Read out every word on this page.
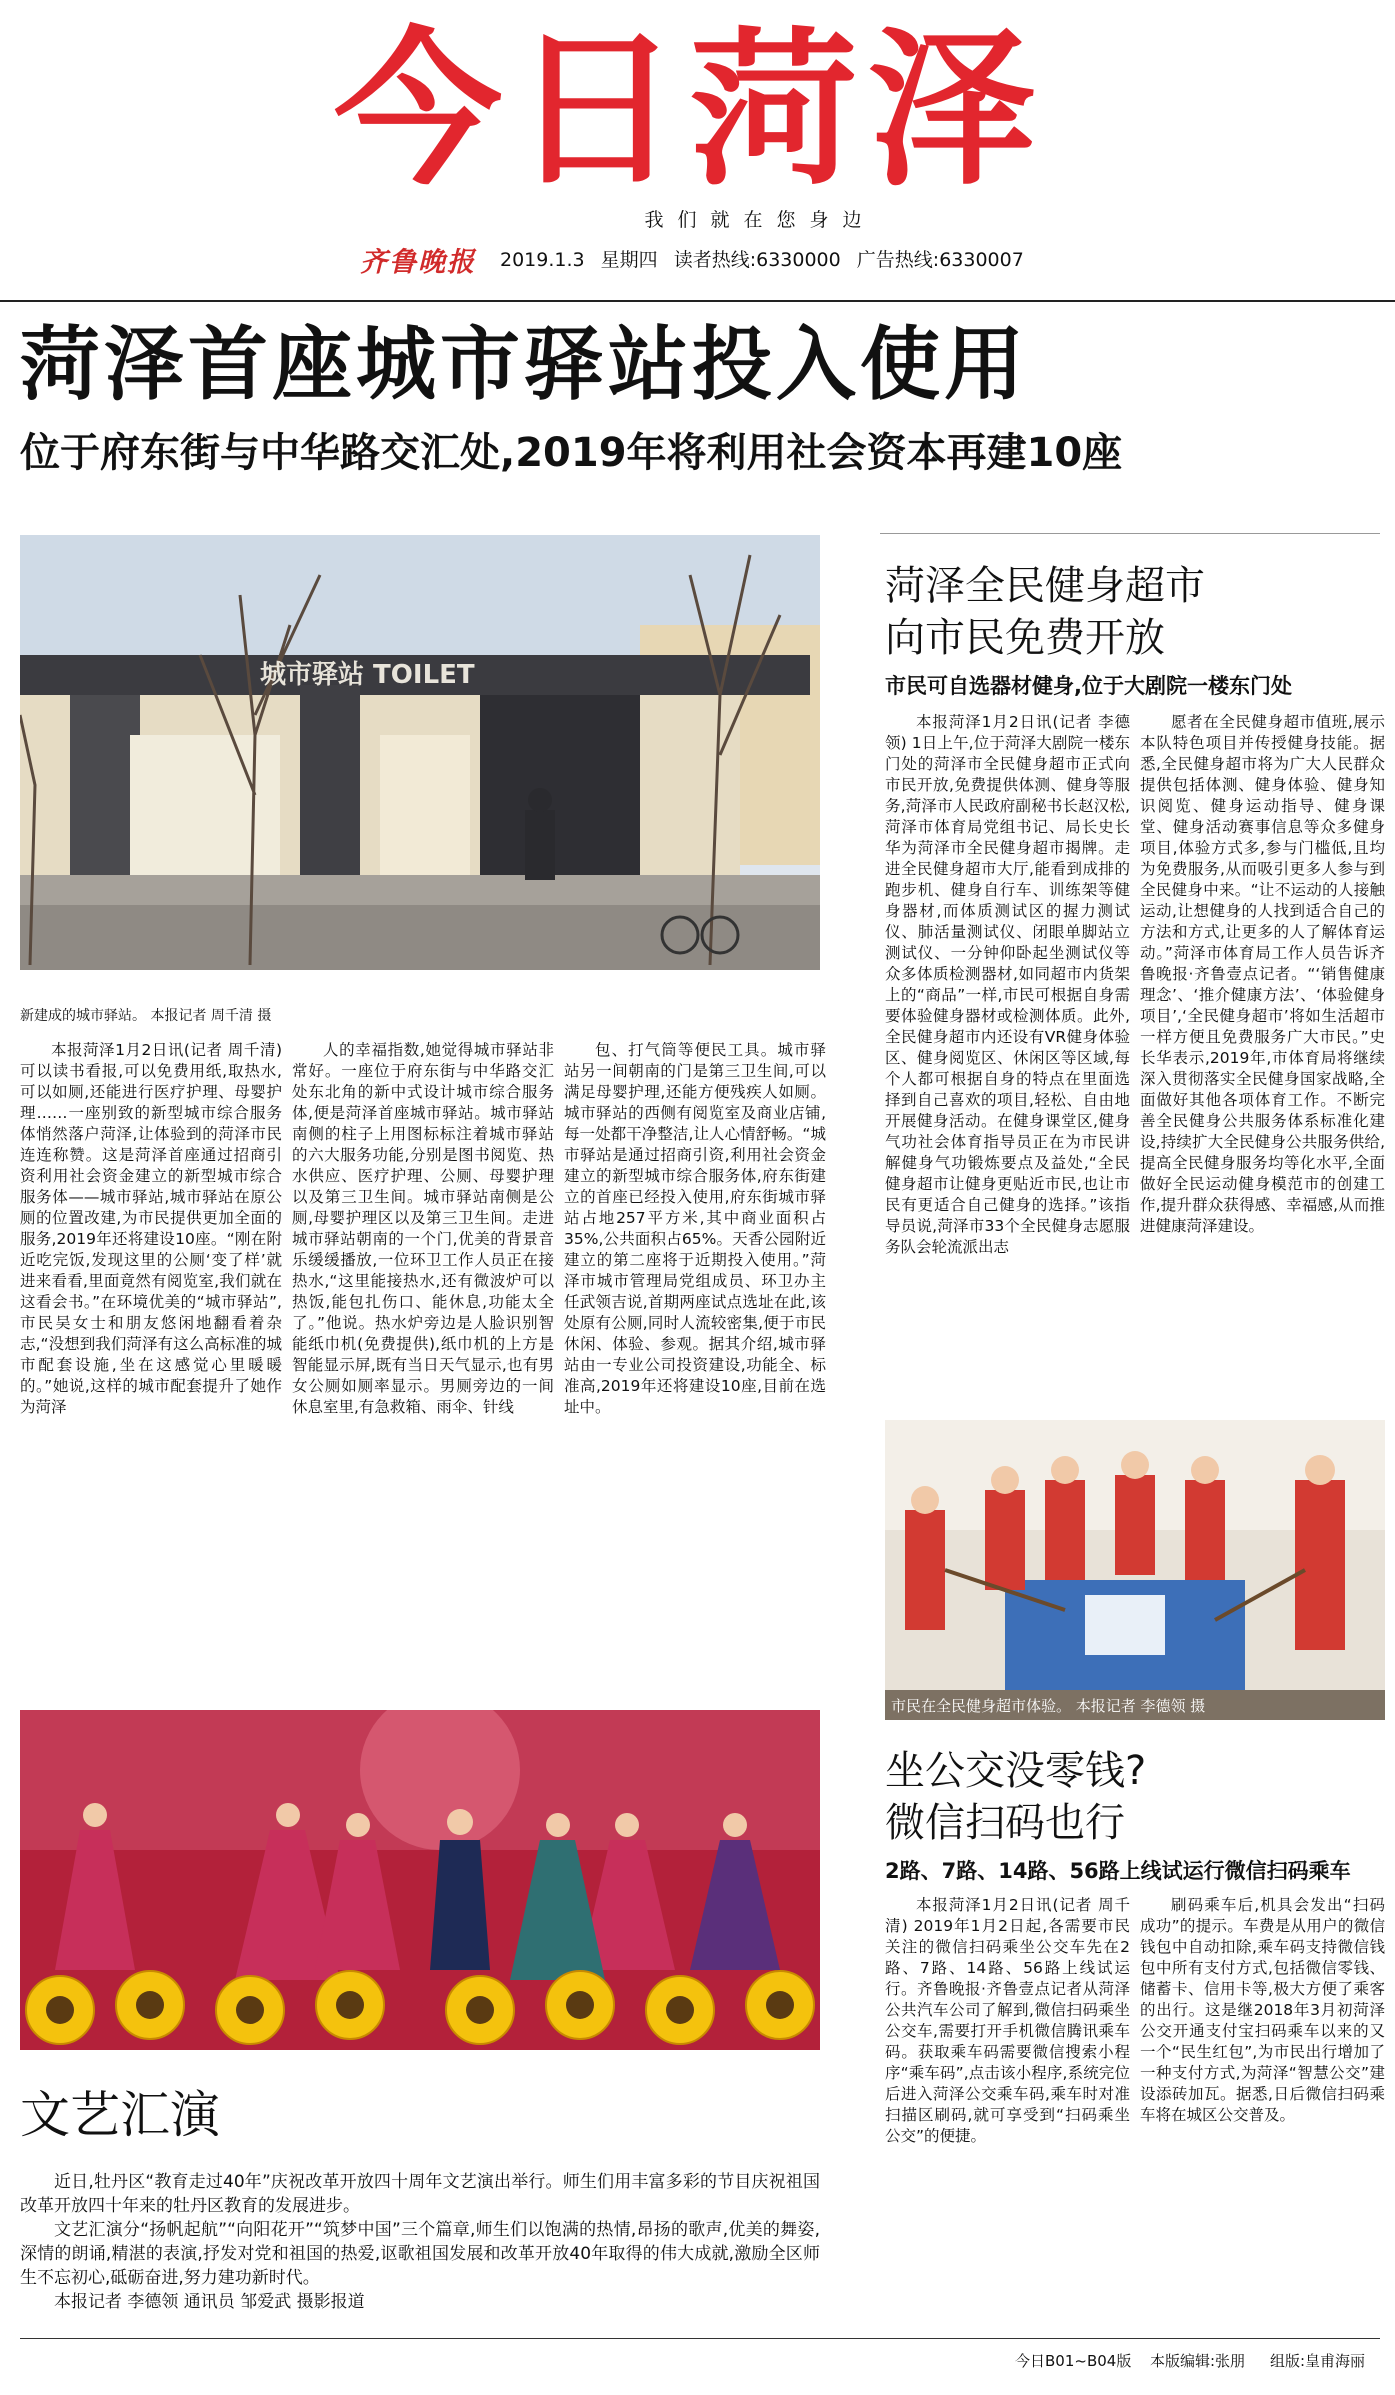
今日菏泽
我们就在您身边
齐鲁晚报 2019.1.3 星期四 读者热线:6330000 广告热线:6330007
菏泽首座城市驿站投入使用
位于府东街与中华路交汇处,2019年将利用社会资本再建10座
城市驿站 TOILET
新建成的城市驿站。 本报记者 周千清 摄
本报菏泽1月2日讯(记者 周千清) 可以读书看报,可以免费用纸,取热水,可以如厕,还能进行医疗护理、母婴护理……一座别致的新型城市综合服务体悄然落户菏泽,让体验到的菏泽市民连连称赞。这是菏泽首座通过招商引资利用社会资金建立的新型城市综合服务体——城市驿站,城市驿站在原公厕的位置改建,为市民提供更加全面的服务,2019年还将建设10座。“刚在附近吃完饭,发现这里的公厕‘变了样’就进来看看,里面竟然有阅览室,我们就在这看会书。”在环境优美的“城市驿站”,市民吴女士和朋友悠闲地翻看着杂志,“没想到我们菏泽有这么高标准的城市配套设施,坐在这感觉心里暖暖的。”她说,这样的城市配套提升了她作为菏泽
人的幸福指数,她觉得城市驿站非常好。一座位于府东街与中华路交汇处东北角的新中式设计城市综合服务体,便是菏泽首座城市驿站。城市驿站南侧的柱子上用图标标注着城市驿站的六大服务功能,分别是图书阅览、热水供应、医疗护理、公厕、母婴护理以及第三卫生间。城市驿站南侧是公厕,母婴护理区以及第三卫生间。走进城市驿站朝南的一个门,优美的背景音乐缓缓播放,一位环卫工作人员正在接热水,“这里能接热水,还有微波炉可以热饭,能包扎伤口、能休息,功能太全了。”他说。热水炉旁边是人脸识别智能纸巾机(免费提供),纸巾机的上方是智能显示屏,既有当日天气显示,也有男女公厕如厕率显示。男厕旁边的一间休息室里,有急救箱、雨伞、针线
包、打气筒等便民工具。城市驿站另一间朝南的门是第三卫生间,可以满足母婴护理,还能方便残疾人如厕。城市驿站的西侧有阅览室及商业店铺,每一处都干净整洁,让人心情舒畅。“城市驿站是通过招商引资,利用社会资金建立的新型城市综合服务体,府东街建立的首座已经投入使用,府东街城市驿站占地257平方米,其中商业面积占35%,公共面积占65%。天香公园附近建立的第二座将于近期投入使用。”菏泽市城市管理局党组成员、环卫办主任武领吉说,首期两座试点选址在此,该处原有公厕,同时人流较密集,便于市民休闲、体验、参观。据其介绍,城市驿站由一专业公司投资建设,功能全、标准高,2019年还将建设10座,目前在选址中。
菏泽全民健身超市
向市民免费开放
市民可自选器材健身,位于大剧院一楼东门处
本报菏泽1月2日讯(记者 李德领) 1日上午,位于菏泽大剧院一楼东门处的菏泽市全民健身超市正式向市民开放,免费提供体测、健身等服务,菏泽市人民政府副秘书长赵汉松,菏泽市体育局党组书记、局长史长华为菏泽市全民健身超市揭牌。走进全民健身超市大厅,能看到成排的跑步机、健身自行车、训练架等健身器材,而体质测试区的握力测试仪、肺活量测试仪、闭眼单脚站立测试仪、一分钟仰卧起坐测试仪等众多体质检测器材,如同超市内货架上的“商品”一样,市民可根据自身需要体验健身器材或检测体质。此外,全民健身超市内还设有VR健身体验区、健身阅览区、休闲区等区域,每个人都可根据自身的特点在里面选择到自己喜欢的项目,轻松、自由地开展健身活动。在健身课堂区,健身气功社会体育指导员正在为市民讲解健身气功锻炼要点及益处,“全民健身超市让健身更贴近市民,也让市民有更适合自己健身的选择。”该指导员说,菏泽市33个全民健身志愿服务队会轮流派出志
愿者在全民健身超市值班,展示本队特色项目并传授健身技能。据悉,全民健身超市将为广大人民群众提供包括体测、健身体验、健身知识阅览、健身运动指导、健身课堂、健身活动赛事信息等众多健身项目,体验方式多,参与门槛低,且均为免费服务,从而吸引更多人参与到全民健身中来。“让不运动的人接触运动,让想健身的人找到适合自己的方法和方式,让更多的人了解体育运动。”菏泽市体育局工作人员告诉齐鲁晚报·齐鲁壹点记者。“‘销售健康理念’、‘推介健康方法’、‘体验健身项目’,‘全民健身超市’将如生活超市一样方便且免费服务广大市民。”史长华表示,2019年,市体育局将继续深入贯彻落实全民健身国家战略,全面做好其他各项体育工作。不断完善全民健身公共服务体系标准化建设,持续扩大全民健身公共服务供给,提高全民健身服务均等化水平,全面做好全民运动健身模范市的创建工作,提升群众获得感、幸福感,从而推进健康菏泽建设。
市民在全民健身超市体验。 本报记者 李德领 摄
坐公交没零钱?
微信扫码也行
2路、7路、14路、56路上线试运行微信扫码乘车
本报菏泽1月2日讯(记者 周千清) 2019年1月2日起,各需要市民关注的微信扫码乘坐公交车先在2路、7路、14路、56路上线试运行。齐鲁晚报·齐鲁壹点记者从菏泽公共汽车公司了解到,微信扫码乘坐公交车,需要打开手机微信腾讯乘车码。获取乘车码需要微信搜索小程序“乘车码”,点击该小程序,系统完位后进入菏泽公交乘车码,乘车时对准扫描区刷码,就可享受到“扫码乘坐公交”的便捷。
刷码乘车后,机具会发出“扫码成功”的提示。车费是从用户的微信钱包中自动扣除,乘车码支持微信钱包中所有支付方式,包括微信零钱、储蓄卡、信用卡等,极大方便了乘客的出行。这是继2018年3月初菏泽公交开通支付宝扫码乘车以来的又一个“民生红包”,为市民出行增加了一种支付方式,为菏泽“智慧公交”建设添砖加瓦。据悉,日后微信扫码乘车将在城区公交普及。
文艺汇演

近日,牡丹区“教育走过40年”庆祝改革开放四十周年文艺演出举行。师生们用丰富多彩的节目庆祝祖国改革开放四十年来的牡丹区教育的发展进步。

文艺汇演分“扬帆起航”“向阳花开”“筑梦中国”三个篇章,师生们以饱满的热情,昂扬的歌声,优美的舞姿,深情的朗诵,精湛的表演,抒发对党和祖国的热爱,讴歌祖国发展和改革开放40年取得的伟大成就,激励全区师生不忘初心,砥砺奋进,努力建功新时代。

本报记者 李德领 通讯员 邹爱武 摄影报道

今日B01~B04版 本版编辑:张朋 组版:皇甫海丽
